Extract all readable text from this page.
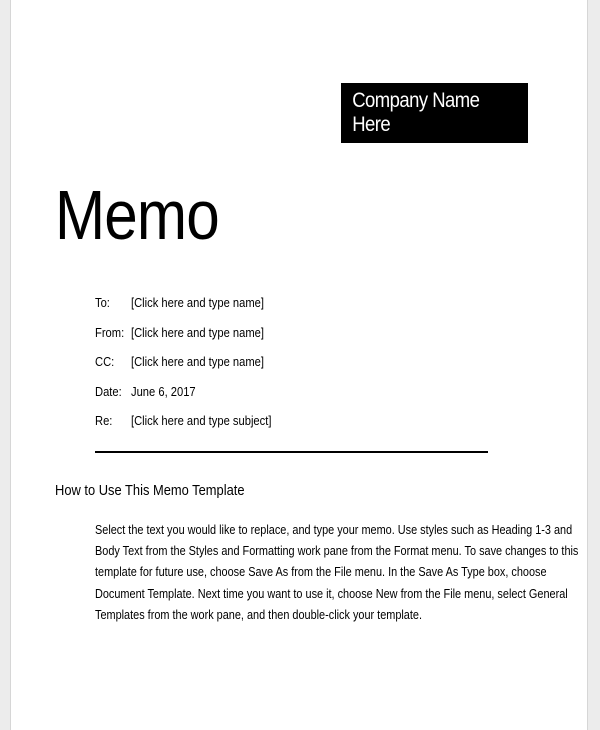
Company Name Here
Memo
To:	[Click here and type name]
From: [Click here and type name]
CC:	[Click here and type name]
Date: June 6, 2017
Re:	[Click here and type subject]
How to Use This Memo Template
Select the text you would like to replace, and type your memo. Use styles such as Heading 1-3 and
Body Text from the Styles and Formatting work pane from the Format menu. To save changes to this
template for future use, choose Save As from the File menu. In the Save As Type box, choose
Document Template. Next time you want to use it, choose New from the File menu, select General
Templates from the work pane, and then double-click your template.
